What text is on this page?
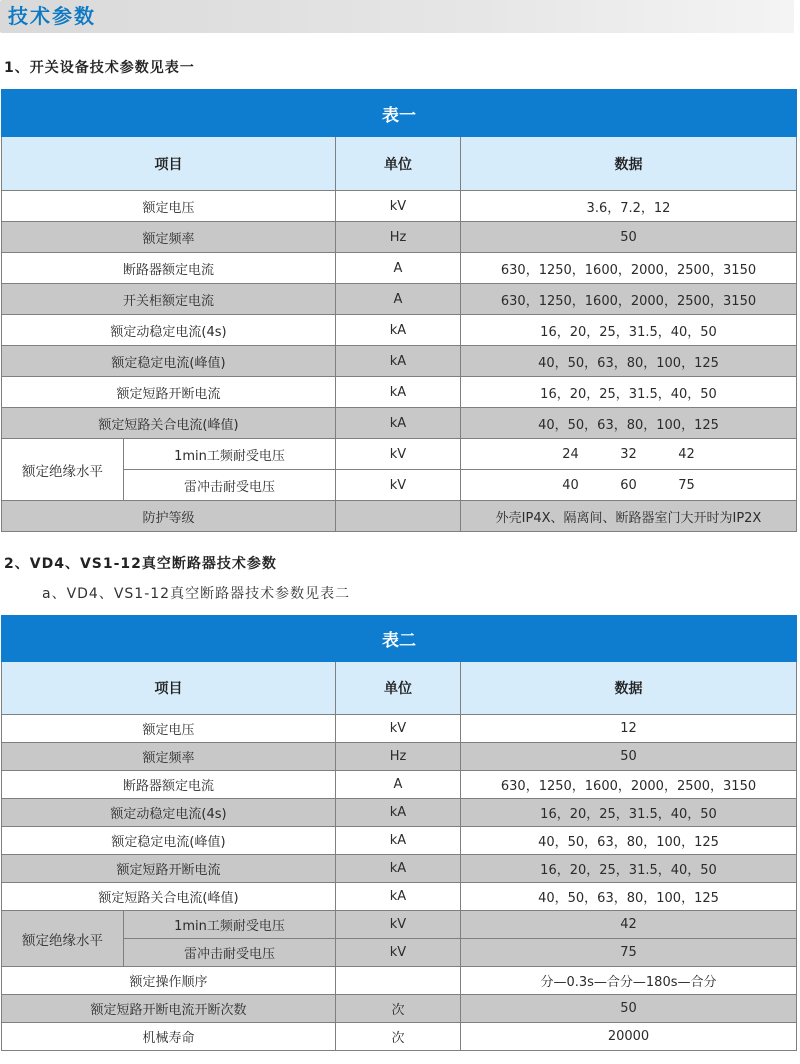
技术参数
1、开关设备技术参数见表一
表一			
项目		单位	数据
额定电压		kV	3.6，7.2，12
额定频率		Hz	50
断路器额定电流		A	630，1250，1600，2000，2500，3150
开关柜额定电流		A	630，1250，1600，2000，2500，3150
额定动稳定电流(4s)		kA	16，20，25，31.5，40，50
额定稳定电流(峰值)		kA	40，50，63，80，100，125
额定短路开断电流		kA	16，20，25，31.5，40，50
额定短路关合电流(峰值)		kA	40，50，63，80，100，125
额定绝缘水平	1min工频耐受电压	kV	24 32 42
	雷冲击耐受电压	kV	40 60 75
防护等级			外壳IP4X、隔离间、断路器室门大开时为IP2X
2、VD4、VS1-12真空断路器技术参数
a、VD4、VS1-12真空断路器技术参数见表二
表二			
项目		单位	数据
额定电压		kV	12
额定频率		Hz	50
断路器额定电流		A	630，1250，1600，2000，2500，3150
额定动稳定电流(4s)		kA	16，20，25，31.5，40，50
额定稳定电流(峰值)		kA	40，50，63，80，100，125
额定短路开断电流		kA	16，20，25，31.5，40，50
额定短路关合电流(峰值)		kA	40，50，63，80，100，125
额定绝缘水平	1min工频耐受电压	kV	42
	雷冲击耐受电压	kV	75
额定操作顺序			分—0.3s—合分—180s—合分
额定短路开断电流开断次数		次	50
机械寿命		次	20000
